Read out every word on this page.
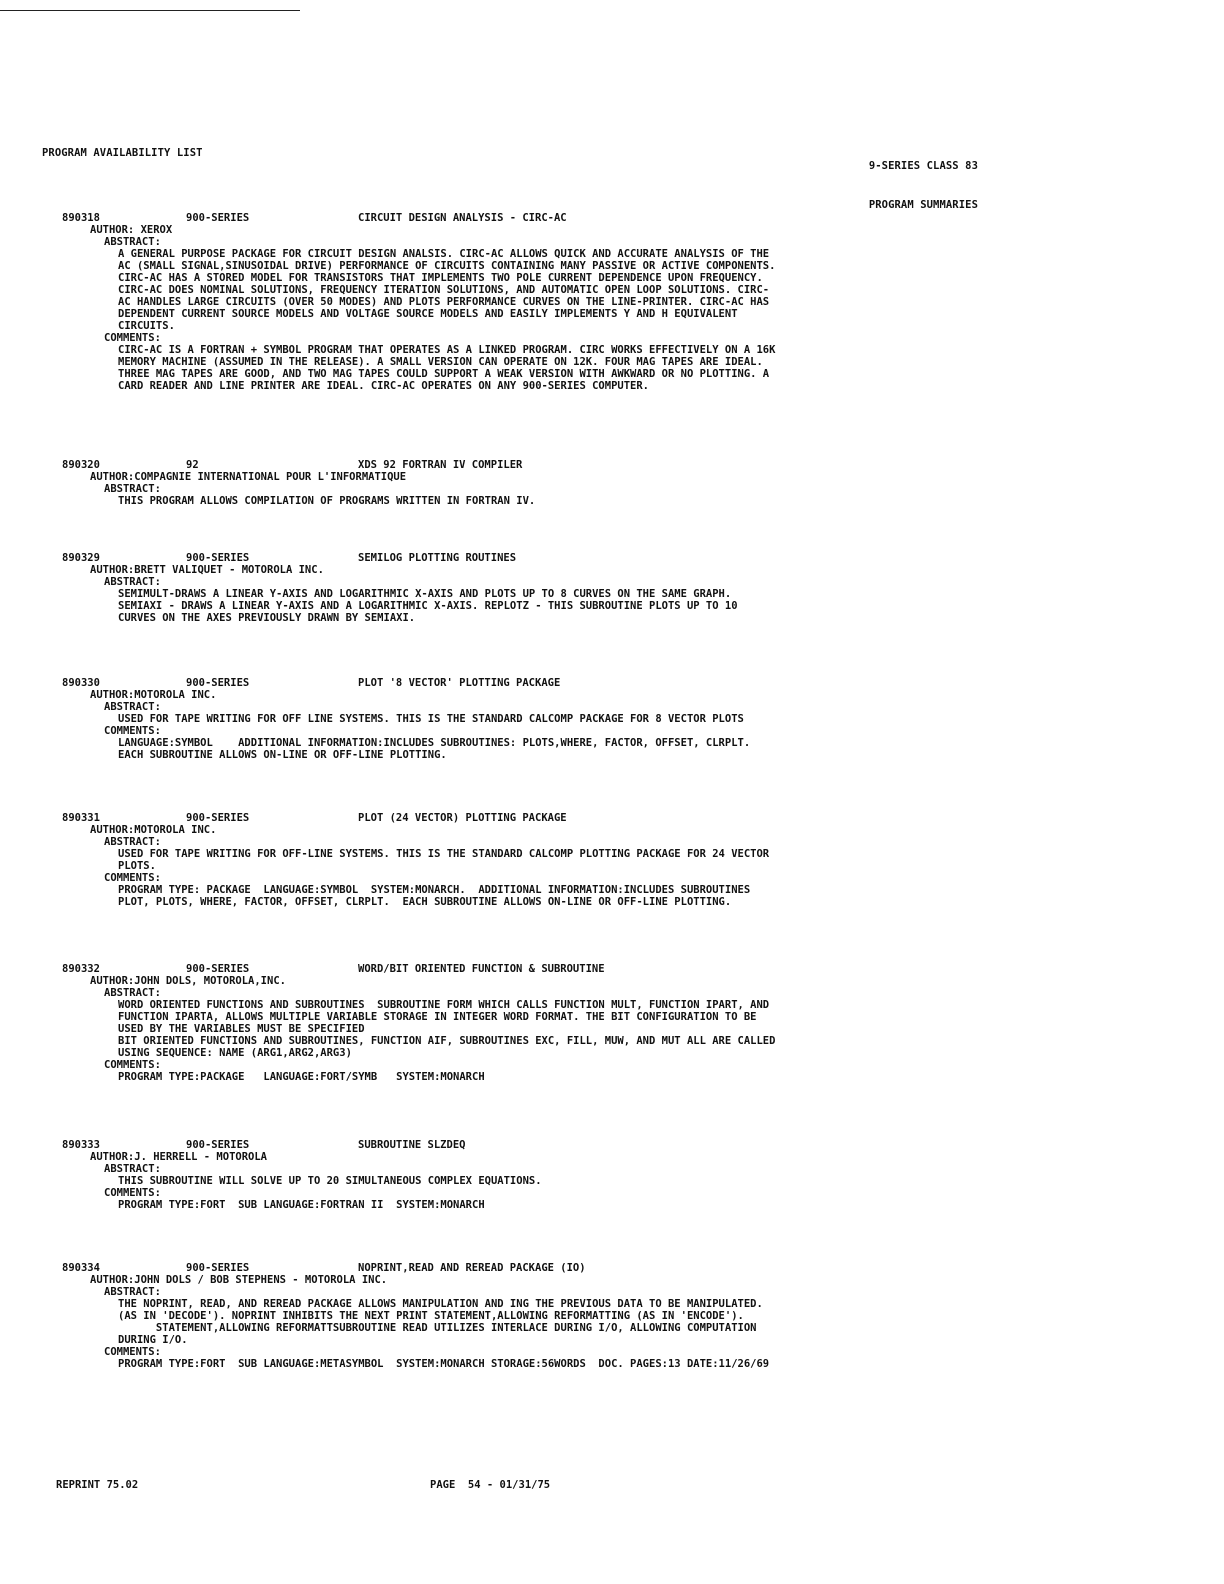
PROGRAM AVAILABILITY LIST

9-SERIES CLASS 83

PROGRAM SUMMARIES

890318	900-SERIES	CIRCUIT DESIGN ANALYSIS - CIRC-AC
AUTHOR: XEROX
ABSTRACT:
A GENERAL PURPOSE PACKAGE FOR CIRCUIT DESIGN ANALSIS. CIRC-AC ALLOWS QUICK AND ACCURATE ANALYSIS OF THE
AC (SMALL SIGNAL,SINUSOIDAL DRIVE) PERFORMANCE OF CIRCUITS CONTAINING MANY PASSIVE OR ACTIVE COMPONENTS.
CIRC-AC HAS A STORED MODEL FOR TRANSISTORS THAT IMPLEMENTS TWO POLE CURRENT DEPENDENCE UPON FREQUENCY.
CIRC-AC DOES NOMINAL SOLUTIONS, FREQUENCY ITERATION SOLUTIONS, AND AUTOMATIC OPEN LOOP SOLUTIONS. CIRC-
AC HANDLES LARGE CIRCUITS (OVER 50 MODES) AND PLOTS PERFORMANCE CURVES ON THE LINE-PRINTER. CIRC-AC HAS
DEPENDENT CURRENT SOURCE MODELS AND VOLTAGE SOURCE MODELS AND EASILY IMPLEMENTS Y AND H EQUIVALENT
CIRCUITS.
COMMENTS:
CIRC-AC IS A FORTRAN + SYMBOL PROGRAM THAT OPERATES AS A LINKED PROGRAM. CIRC WORKS EFFECTIVELY ON A 16K
MEMORY MACHINE (ASSUMED IN THE RELEASE). A SMALL VERSION CAN OPERATE ON 12K. FOUR MAG TAPES ARE IDEAL.
THREE MAG TAPES ARE GOOD, AND TWO MAG TAPES COULD SUPPORT A WEAK VERSION WITH AWKWARD OR NO PLOTTING. A
CARD READER AND LINE PRINTER ARE IDEAL. CIRC-AC OPERATES ON ANY 900-SERIES COMPUTER.
890320	92	XDS 92 FORTRAN IV COMPILER
AUTHOR:COMPAGNIE INTERNATIONAL POUR L'INFORMATIQUE
ABSTRACT:
THIS PROGRAM ALLOWS COMPILATION OF PROGRAMS WRITTEN IN FORTRAN IV.
890329	900-SERIES	SEMILOG PLOTTING ROUTINES
AUTHOR:BRETT VALIQUET - MOTOROLA INC.
ABSTRACT:
SEMIMULT-DRAWS A LINEAR Y-AXIS AND LOGARITHMIC X-AXIS AND PLOTS UP TO 8 CURVES ON THE SAME GRAPH.
SEMIAXI - DRAWS A LINEAR Y-AXIS AND A LOGARITHMIC X-AXIS. REPLOTZ - THIS SUBROUTINE PLOTS UP TO 10
CURVES ON THE AXES PREVIOUSLY DRAWN BY SEMIAXI.
890330	900-SERIES	PLOT '8 VECTOR' PLOTTING PACKAGE
AUTHOR:MOTOROLA INC.
ABSTRACT:
USED FOR TAPE WRITING FOR OFF LINE SYSTEMS. THIS IS THE STANDARD CALCOMP PACKAGE FOR 8 VECTOR PLOTS
COMMENTS:
LANGUAGE:SYMBOL    ADDITIONAL INFORMATION:INCLUDES SUBROUTINES: PLOTS,WHERE, FACTOR, OFFSET, CLRPLT.
EACH SUBROUTINE ALLOWS ON-LINE OR OFF-LINE PLOTTING.
890331	900-SERIES	PLOT (24 VECTOR) PLOTTING PACKAGE
AUTHOR:MOTOROLA INC.
ABSTRACT:
USED FOR TAPE WRITING FOR OFF-LINE SYSTEMS. THIS IS THE STANDARD CALCOMP PLOTTING PACKAGE FOR 24 VECTOR
PLOTS.
COMMENTS:
PROGRAM TYPE: PACKAGE  LANGUAGE:SYMBOL  SYSTEM:MONARCH.  ADDITIONAL INFORMATION:INCLUDES SUBROUTINES
PLOT, PLOTS, WHERE, FACTOR, OFFSET, CLRPLT.  EACH SUBROUTINE ALLOWS ON-LINE OR OFF-LINE PLOTTING.
890332	900-SERIES	WORD/BIT ORIENTED FUNCTION & SUBROUTINE
AUTHOR:JOHN DOLS, MOTOROLA,INC.
ABSTRACT:
WORD ORIENTED FUNCTIONS AND SUBROUTINES  SUBROUTINE FORM WHICH CALLS FUNCTION MULT, FUNCTION IPART, AND
FUNCTION IPARTA, ALLOWS MULTIPLE VARIABLE STORAGE IN INTEGER WORD FORMAT. THE BIT CONFIGURATION TO BE
USED BY THE VARIABLES MUST BE SPECIFIED
BIT ORIENTED FUNCTIONS AND SUBROUTINES, FUNCTION AIF, SUBROUTINES EXC, FILL, MUW, AND MUT ALL ARE CALLED
USING SEQUENCE: NAME (ARG1,ARG2,ARG3)
COMMENTS:
PROGRAM TYPE:PACKAGE   LANGUAGE:FORT/SYMB   SYSTEM:MONARCH
890333	900-SERIES	SUBROUTINE SLZDEQ
AUTHOR:J. HERRELL - MOTOROLA
ABSTRACT:
THIS SUBROUTINE WILL SOLVE UP TO 20 SIMULTANEOUS COMPLEX EQUATIONS.
COMMENTS:
PROGRAM TYPE:FORT  SUB LANGUAGE:FORTRAN II  SYSTEM:MONARCH
890334	900-SERIES	NOPRINT,READ AND REREAD PACKAGE (IO)
AUTHOR:JOHN DOLS / BOB STEPHENS - MOTOROLA INC.
ABSTRACT:
THE NOPRINT, READ, AND REREAD PACKAGE ALLOWS MANIPULATION AND ING THE PREVIOUS DATA TO BE MANIPULATED.
(AS IN 'DECODE'). NOPRINT INHIBITS THE NEXT PRINT STATEMENT,ALLOWING REFORMATTING (AS IN 'ENCODE').
STATEMENT,ALLOWING REFORMATTSUBROUTINE READ UTILIZES INTERLACE DURING I/O, ALLOWING COMPUTATION
DURING I/O.
COMMENTS:
PROGRAM TYPE:FORT  SUB LANGUAGE:METASYMBOL  SYSTEM:MONARCH STORAGE:56WORDS  DOC. PAGES:13 DATE:11/26/69
REPRINT 75.02	PAGE  54 - 01/31/75
